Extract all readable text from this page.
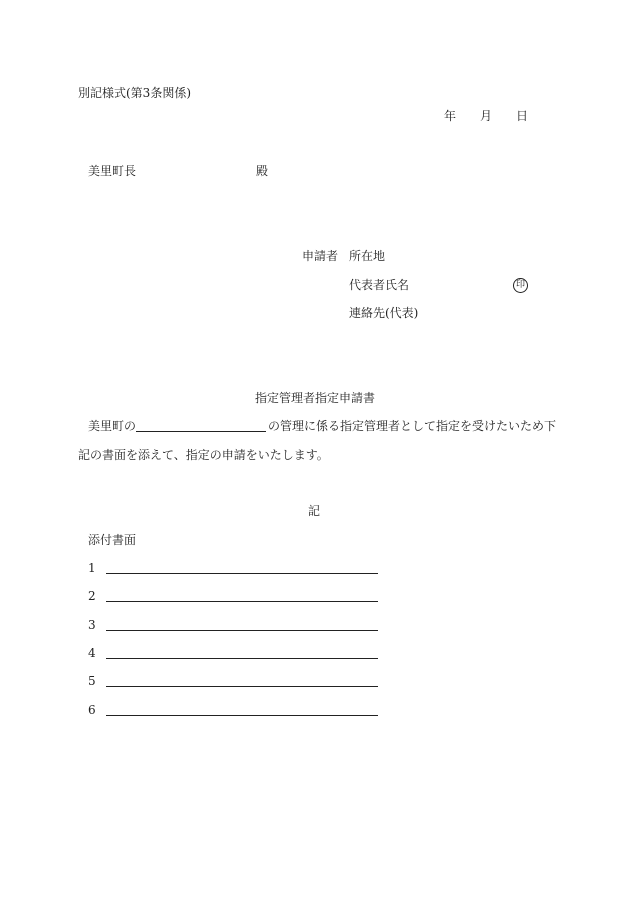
別記様式(第3条関係)
年 月 日
美里町長	殿
申請者 所在地
代表者氏名	印
連絡先(代表)
指定管理者指定申請書
美里町の	の管理に係る指定管理者として指定を受けたいため下
記の書面を添えて、指定の申請をいたします。
記
添付書面
1
2
3
4
5
6
